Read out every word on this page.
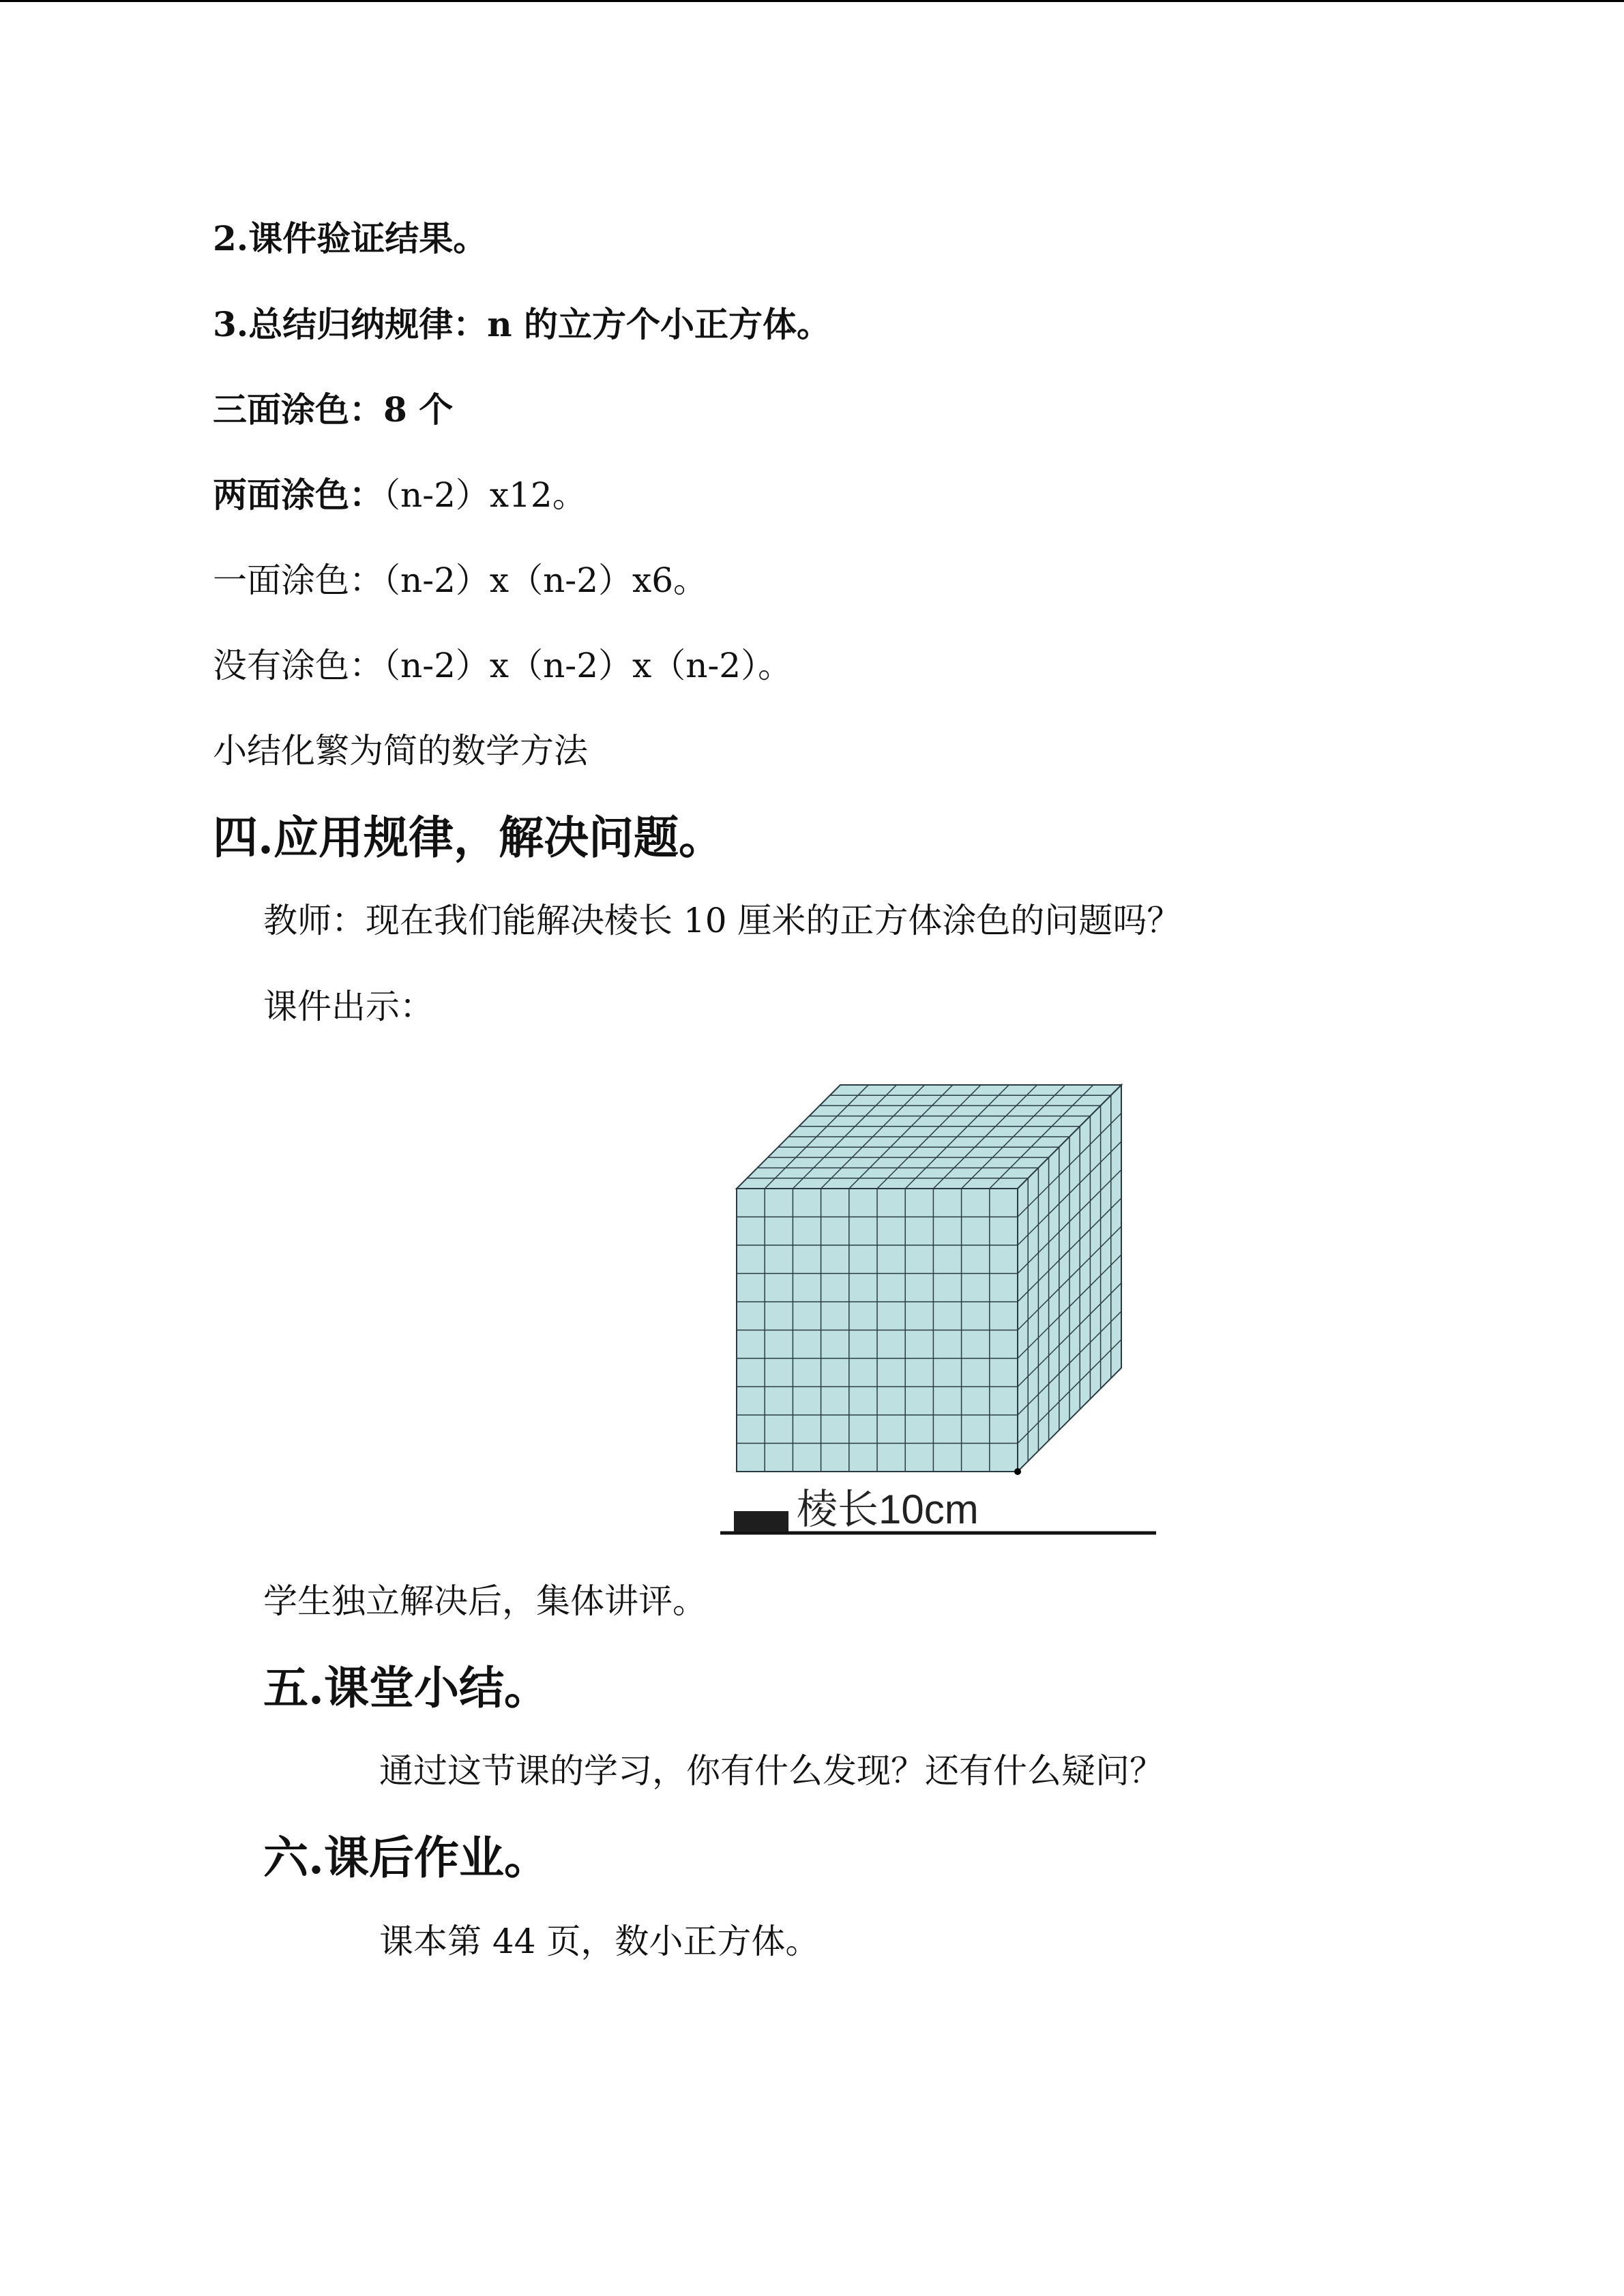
2.课件验证结果。
3.总结归纳规律：n 的立方个小正方体。
三面涂色：8 个
两面涂色：（n-2）x12。
一面涂色：（n-2）x（n-2）x6。
没有涂色：（n-2）x（n-2）x（n-2）。
小结化繁为简的数学方法
四.应用规律，解决问题。
教师：现在我们能解决棱长 10 厘米的正方体涂色的问题吗？
课件出示：
棱长10cm
学生独立解决后，集体讲评。
五.课堂小结。
通过这节课的学习，你有什么发现？还有什么疑问？
六.课后作业。
课本第 44 页，数小正方体。
